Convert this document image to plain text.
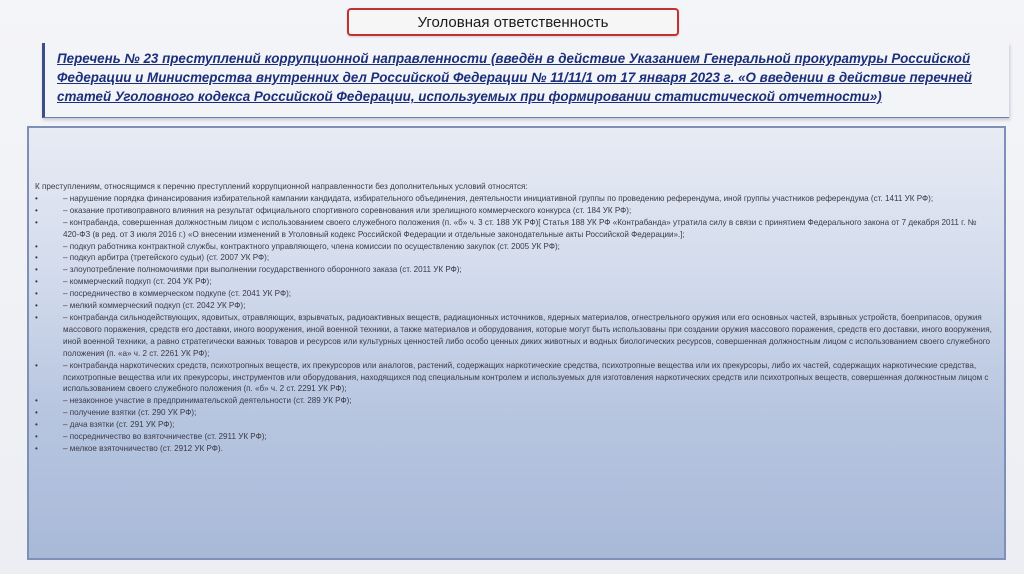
Уголовная ответственность
Перечень № 23 преступлений коррупционной направленности (введён в действие Указанием Генеральной прокуратуры Российской Федерации и Министерства внутренних дел Российской Федерации № 11/11/1 от 17 января 2023 г. «О введении в действие перечней статей Уголовного кодекса Российской Федерации, используемых при формировании статистической отчетности»)

К преступлениям, относящимся к перечню преступлений коррупционной направленности без дополнительных условий относятся:

•	– нарушение порядка финансирования избирательной кампании кандидата, избирательного объединения, деятельности инициативной группы по проведению референдума, иной группы участников референдума (ст. 1411 УК РФ);
•	– оказание противоправного влияния на результат официального спортивного соревнования или зрелищного коммерческого конкурса (ст. 184 УК РФ);
•	– контрабанда, совершенная должностным лицом с использованием своего служебного положения (п. «б» ч. 3 ст. 188 УК РФ)[ Статья 188 УК РФ «Контрабанда» утратила силу в связи с принятием Федерального закона от 7 декабря 2011 г. № 420-ФЗ (в ред. от 3 июля 2016 г.) «О внесении изменений в Уголовный кодекс Российской Федерации и отдельные законодательные акты Российской Федерации».];
•	– подкуп работника контрактной службы, контрактного управляющего, члена комиссии по осуществлению закупок (ст. 2005 УК РФ);
•	– подкуп арбитра (третейского судьи) (ст. 2007 УК РФ);
•	– злоупотребление полномочиями при выполнении государственного оборонного заказа (ст. 2011 УК РФ);
•	– коммерческий подкуп (ст. 204 УК РФ);
•	– посредничество в коммерческом подкупе (ст. 2041 УК РФ);
•	– мелкий коммерческий подкуп (ст. 2042 УК РФ);
•	– контрабанда сильнодействующих, ядовитых, отравляющих, взрывчатых, радиоактивных веществ, радиационных источников, ядерных материалов, огнестрельного оружия или его основных частей, взрывных устройств, боеприпасов, оружия массового поражения, средств его доставки, иного вооружения, иной военной техники, а также материалов и оборудования, которые могут быть использованы при создании оружия массового поражения, средств его доставки, иного вооружения, иной военной техники, а равно стратегически важных товаров и ресурсов или культурных ценностей либо особо ценных диких животных и водных биологических ресурсов, совершенная должностным лицом с использованием своего служебного положения (п. «а» ч. 2 ст. 2261 УК РФ);
•	– контрабанда наркотических средств, психотропных веществ, их прекурсоров или аналогов, растений, содержащих наркотические средства, психотропные вещества или их прекурсоры, либо их частей, содержащих наркотические средства, психотропные вещества или их прекурсоры, инструментов или оборудования, находящихся под специальным контролем и используемых для изготовления наркотических средств или психотропных веществ, совершенная должностным лицом с использованием своего служебного положения (п. «б» ч. 2 ст. 2291 УК РФ);
•	– незаконное участие в предпринимательской деятельности (ст. 289 УК РФ);
•	– получение взятки (ст. 290 УК РФ);
•	– дача взятки (ст. 291 УК РФ);
•	– посредничество во взяточничестве (ст. 2911 УК РФ);
•	– мелкое взяточничество (ст. 2912 УК РФ).
